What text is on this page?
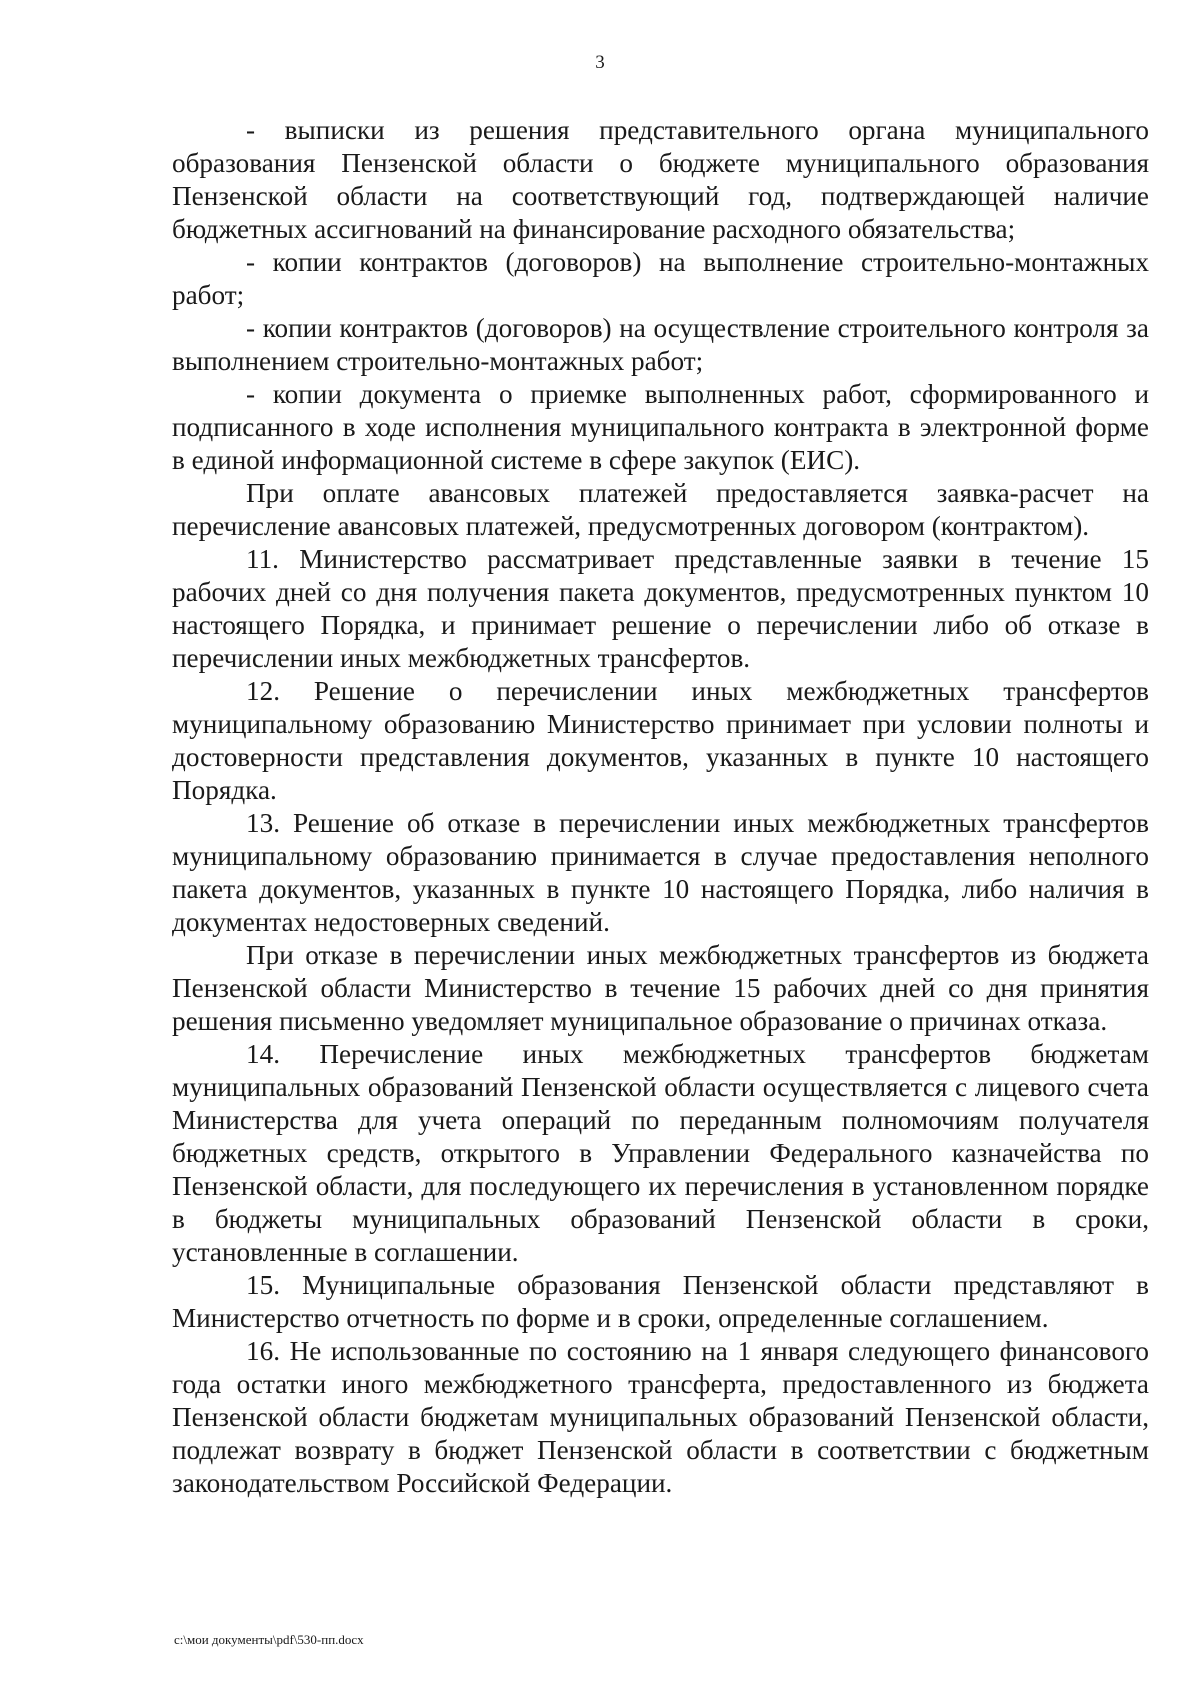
3

- выписки из решения представительного органа муниципального образования Пензенской области о бюджете муниципального образования Пензенской области на соответствующий год, подтверждающей наличие бюджетных ассигнований на финансирование расходного обязательства;

- копии контрактов (договоров) на выполнение строительно-монтажных работ;

- копии контрактов (договоров) на осуществление строительного контроля за выполнением строительно-монтажных работ;

- копии документа о приемке выполненных работ, сформированного и подписанного в ходе исполнения муниципального контракта в электронной форме в единой информационной системе в сфере закупок (ЕИС).

При оплате авансовых платежей предоставляется заявка-расчет на перечисление авансовых платежей, предусмотренных договором (контрактом).

11. Министерство рассматривает представленные заявки в течение 15 рабочих дней со дня получения пакета документов, предусмотренных пунктом 10 настоящего Порядка, и принимает решение о перечислении либо об отказе в перечислении иных межбюджетных трансфертов.

12. Решение о перечислении иных межбюджетных трансфертов муниципальному образованию Министерство принимает при условии полноты и достоверности представления документов, указанных в пункте 10 настоящего Порядка.

13. Решение об отказе в перечислении иных межбюджетных трансфертов муниципальному образованию принимается в случае предоставления неполного пакета документов, указанных в пункте 10 настоящего Порядка, либо наличия в документах недостоверных сведений.

При отказе в перечислении иных межбюджетных трансфертов из бюджета Пензенской области Министерство в течение 15 рабочих дней со дня принятия решения письменно уведомляет муниципальное образование о причинах отказа.

14. Перечисление иных межбюджетных трансфертов бюджетам муниципальных образований Пензенской области осуществляется с лицевого счета Министерства для учета операций по переданным полномочиям получателя бюджетных средств, открытого в Управлении Федерального казначейства по Пензенской области, для последующего их перечисления в установленном порядке в бюджеты муниципальных образований Пензенской области в сроки, установленные в соглашении.

15. Муниципальные образования Пензенской области представляют в Министерство отчетность по форме и в сроки, определенные соглашением.

16. Не использованные по состоянию на 1 января следующего финансового года остатки иного межбюджетного трансферта, предоставленного из бюджета Пензенской области бюджетам муниципальных образований Пензенской области, подлежат возврату в бюджет Пензенской области в соответствии с бюджетным законодательством Российской Федерации.

c:\мои документы\pdf\530-пп.docx
